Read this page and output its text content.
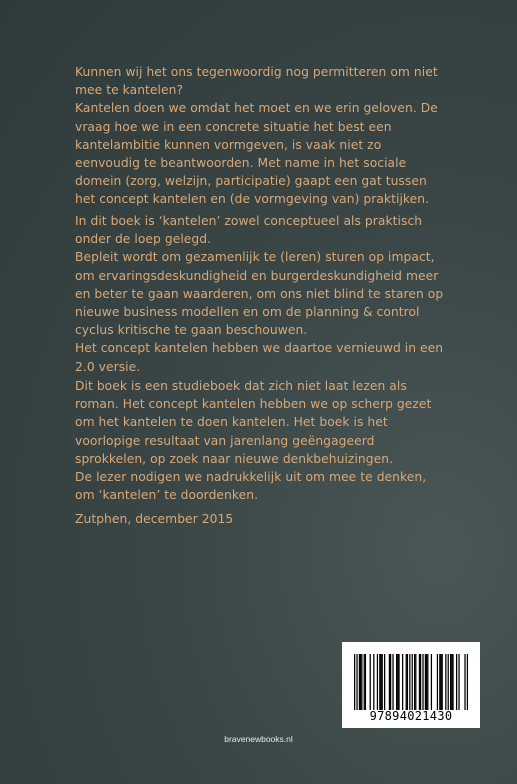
Kunnen wij het ons tegenwoordig nog permitteren om niet mee te kantelen?

Kantelen doen we omdat het moet en we erin geloven. De vraag hoe we in een concrete situatie het best een kantelambitie kunnen vormgeven, is vaak niet zo eenvoudig te beantwoorden. Met name in het sociale domein (zorg, welzijn, participatie) gaapt een gat tussen het concept kantelen en (de vormgeving van) praktijken.

In dit boek is ‘kantelen’ zowel conceptueel als praktisch onder de loep gelegd.

Bepleit wordt om gezamenlijk te (leren) sturen op impact, om ervaringsdeskundigheid en burgerdeskundigheid meer en beter te gaan waarderen, om ons niet blind te staren op nieuwe business modellen en om de planning & control cyclus kritische te gaan beschouwen.

Het concept kantelen hebben we daartoe vernieuwd in een 2.0 versie.

Dit boek is een studieboek dat zich niet laat lezen als roman. Het concept kantelen hebben we op scherp gezet om het kantelen te doen kantelen. Het boek is het voorlopige resultaat van jarenlang geëngageerd sprokkelen, op zoek naar nieuwe denkbehuizingen.

De lezer nodigen we nadrukkelijk uit om mee te denken, om ‘kantelen’ te doordenken.

Zutphen, december 2015

97894021430
bravenewbooks.nl
